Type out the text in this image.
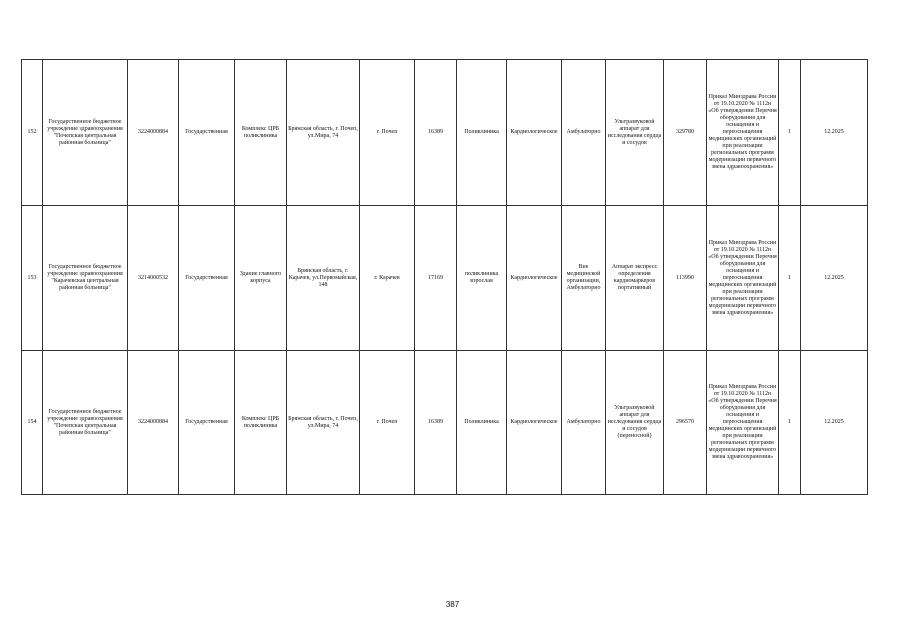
152	Государственное бюджетное учреждение здравоохранения "Почепская центральная районная больница"	3224000884	Государственная	Комплекс ЦРБ поликлиника	Брянская область, г. Почеп, ул.Мира, 74	г. Почеп	16389	Поликлиника	Кардиологическое	Амбулаторно	Ультразвуковой аппарат для исследования сердца и сосудов	329780	Приказ Минздрава России от 19.10.2020 № 1112н «Об утверждении Перечня оборудования для оснащения и переоснащения медицинских организаций при реализации региональных программ модернизации первичного звена здравоохранения»	1	12.2025
153	Государственное бюджетное учреждение здравоохранения "Карачевская центральная районная больница"	3214000532	Государственная	Здание главного корпуса	Брянская область, г. Карачев, ул.Первомайская, 148	г. Карачев	17169	поликлиника взрослая	Кардиологическое	Вне медицинской организации, Амбулаторно	Аппарат экспресс определения кардиомаркеров портативный	113990	Приказ Минздрава России от 19.10.2020 № 1112н «Об утверждении Перечня оборудования для оснащения и переоснащения медицинских организаций при реализации региональных программ модернизации первичного звена здравоохранения»	1	12.2025
154	Государственное бюджетное учреждение здравоохранения "Почепская центральная районная больница"	3224000884	Государственная	Комплекс ЦРБ поликлиника	Брянская область, г. Почеп, ул.Мира, 74	г. Почеп	16389	Поликлиника	Кардиологическое	Амбулаторно	Ультразвуковой аппарат для исследования сердца и сосудов (переносной)	296570	Приказ Минздрава России от 19.10.2020 № 1112н «Об утверждении Перечня оборудования для оснащения и переоснащения медицинских организаций при реализации региональных программ модернизации первичного звена здравоохранения»	1	12.2025
387
